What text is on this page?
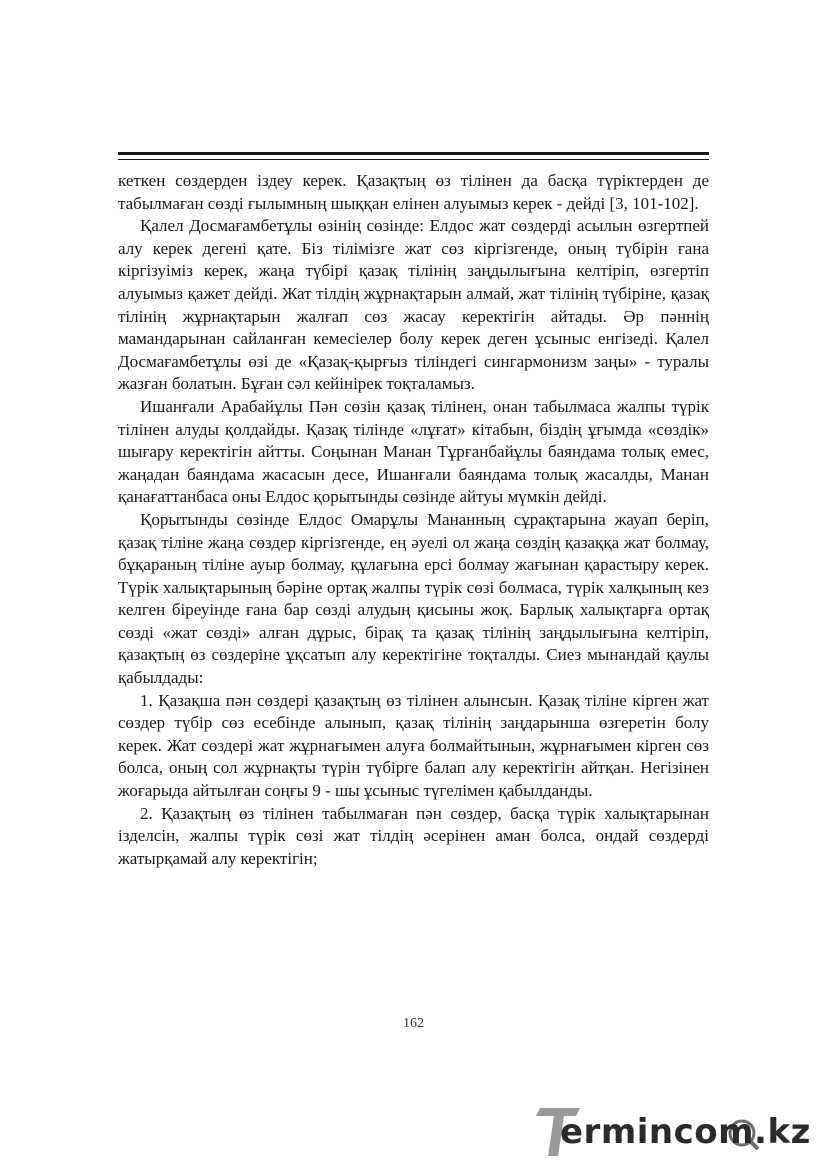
кеткен сөздерден іздеу керек. Қазақтың өз тілінен да басқа түріктерден де табылмаған сөзді ғылымның шыққан елінен алуымыз керек - дейді [3, 101-102].

Қалел Досмағамбетұлы өзінің сөзінде: Елдос жат сөздерді асылын өзгертпей алу керек дегені қате. Біз тілімізге жат сөз кіргізгенде, оның түбірін ғана кіргізуіміз керек, жаңа түбірі қазақ тілінің заңдылығына келтіріп, өзгертіп алуымыз қажет дейді. Жат тілдің жұрнақтарын алмай, жат тілінің түбіріне, қазақ тілінің жұрнақтарын жалғап сөз жасау керектігін айтады. Әр пәннің мамандарынан сайланған кемесіелер болу керек деген ұсыныс енгізеді. Қалел Досмағамбетұлы өзі де «Қазақ-қырғыз тіліндегі сингармонизм заңы» - туралы жазған болатын. Бұған сәл кейінірек тоқталамыз.

Ишанғали Арабайұлы Пән сөзін қазақ тілінен, онан табылмаса жалпы түрік тілінен алуды қолдайды. Қазақ тілінде «лұғат» кітабын, біздің ұғымда «сөздік» шығару керектігін айтты. Соңынан Манан Тұрғанбайұлы баяндама толық емес, жаңадан баяндама жасасын десе, Ишанғали баяндама толық жасалды, Манан қанағаттанбаса оны Елдос қорытынды сөзінде айтуы мүмкін дейді.

Қорытынды сөзінде Елдос Омарұлы Мананның сұрақтарына жауап беріп, қазақ тіліне жаңа сөздер кіргізгенде, ең әуелі ол жаңа сөздің қазаққа жат болмау, бұқараның тіліне ауыр болмау, құлағына ерсі болмау жағынан қарастыру керек. Түрік халықтарының бәріне ортақ жалпы түрік сөзі болмаса, түрік халқының кез келген біреуінде ғана бар сөзді алудың қисыны жоқ. Барлық халықтарға ортақ сөзді «жат сөзді» алған дұрыс, бірақ та қазақ тілінің заңдылығына келтіріп, қазақтың өз сөздеріне ұқсатып алу керектігіне тоқталды. Сиез мынандай қаулы қабылдады:

1. Қазақша пән сөздері қазақтың өз тілінен алынсын. Қазақ тіліне кірген жат сөздер түбір сөз есебінде алынып, қазақ тілінің заңдарынша өзгеретін болу керек. Жат сөздері жат жұрнағымен алуға болмайтынын, жұрнағымен кірген сөз болса, оның сол жұрнақты түрін түбірге балап алу керектігін айтқан. Негізінен жоғарыда айтылған соңғы 9 - шы ұсыныс түгелімен қабылданды.

2. Қазақтың өз тілінен табылмаған пән сөздер, басқа түрік халықтарынан ізделсін, жалпы түрік сөзі жат тілдің әсерінен аман болса, ондай сөздерді жатырқамай алу керектігін;

162
ermincom.kz
